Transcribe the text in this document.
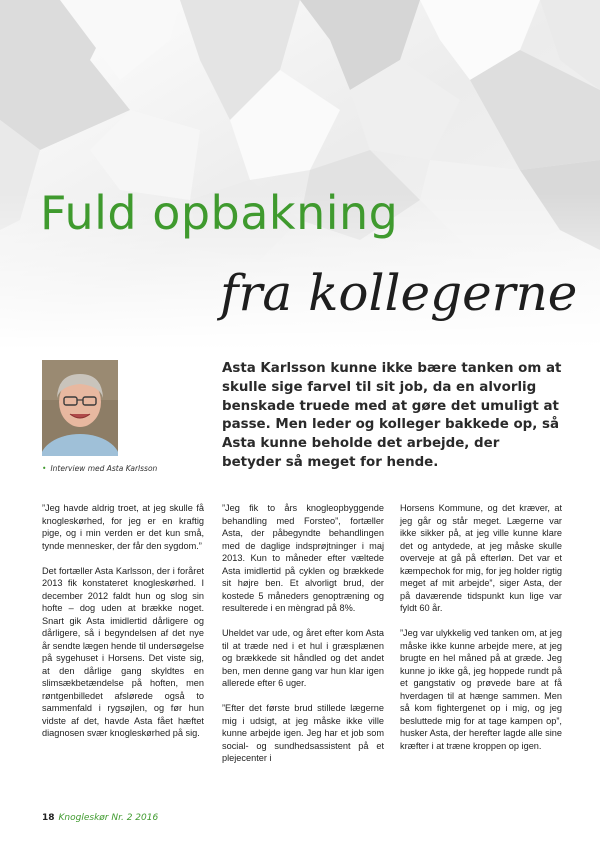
Fuld opbakning
fra kollegerne
• Interview med Asta Karlsson
Asta Karlsson kunne ikke bære tanken om at skulle sige farvel til sit job, da en alvorlig benskade truede med at gøre det umuligt at passe. Men leder og kolleger bakkede op, så Asta kunne beholde det arbejde, der betyder så meget for hende.

”Jeg havde aldrig troet, at jeg skulle få knogleskørhed, for jeg er en kraftig pige, og i min verden er det kun små, tynde mennesker, der får den sygdom.”

Det fortæller Asta Karlsson, der i foråret 2013 fik konstateret knogleskørhed. I december 2012 faldt hun og slog sin hofte – dog uden at brække noget. Snart gik Asta imidlertid dårligere og dårligere, så i begyndelsen af det nye år sendte lægen hende til undersøgelse på sygehuset i Horsens. Det viste sig, at den dårlige gang skyldtes en slimsækbetændelse på hoften, men røntgenbilledet afslørede også to sammenfald i rygsøjlen, og før hun vidste af det, havde Asta fået hæftet diagnosen svær knogleskørhed på sig.

”Jeg fik to års knogleopbyggende behandling med Forsteo”, fortæller Asta, der påbegyndte behandlingen med de daglige indsprøjtninger i maj 2013. Kun to måneder efter væltede Asta imidlertid på cyklen og brækkede sit højre ben. Et alvorligt brud, der kostede 5 måneders genoptræning og resulterede i en mèngrad på 8%.

Uheldet var ude, og året efter kom Asta til at træde ned i et hul i græsplænen og brækkede sit håndled og det andet ben, men denne gang var hun klar igen allerede efter 6 uger.

”Efter det første brud stillede lægerne mig i udsigt, at jeg måske ikke ville kunne arbejde igen. Jeg har et job som social- og sundhedsassistent på et plejecenter i

Horsens Kommune, og det kræver, at jeg går og står meget. Lægerne var ikke sikker på, at jeg ville kunne klare det og antydede, at jeg måske skulle overveje at gå på efterløn. Det var et kæmpechok for mig, for jeg holder rigtig meget af mit arbejde”, siger Asta, der på daværende tidspunkt kun lige var fyldt 60 år.

”Jeg var ulykkelig ved tanken om, at jeg måske ikke kunne arbejde mere, at jeg brugte en hel måned på at græde. Jeg kunne jo ikke gå, jeg hoppede rundt på et gangstativ og prøvede bare at få hverdagen til at hænge sammen. Men så kom fightergenet op i mig, og jeg besluttede mig for at tage kampen op”, husker Asta, der herefter lagde alle sine kræfter i at træne kroppen op igen.

18 Knogleskør Nr. 2 2016
